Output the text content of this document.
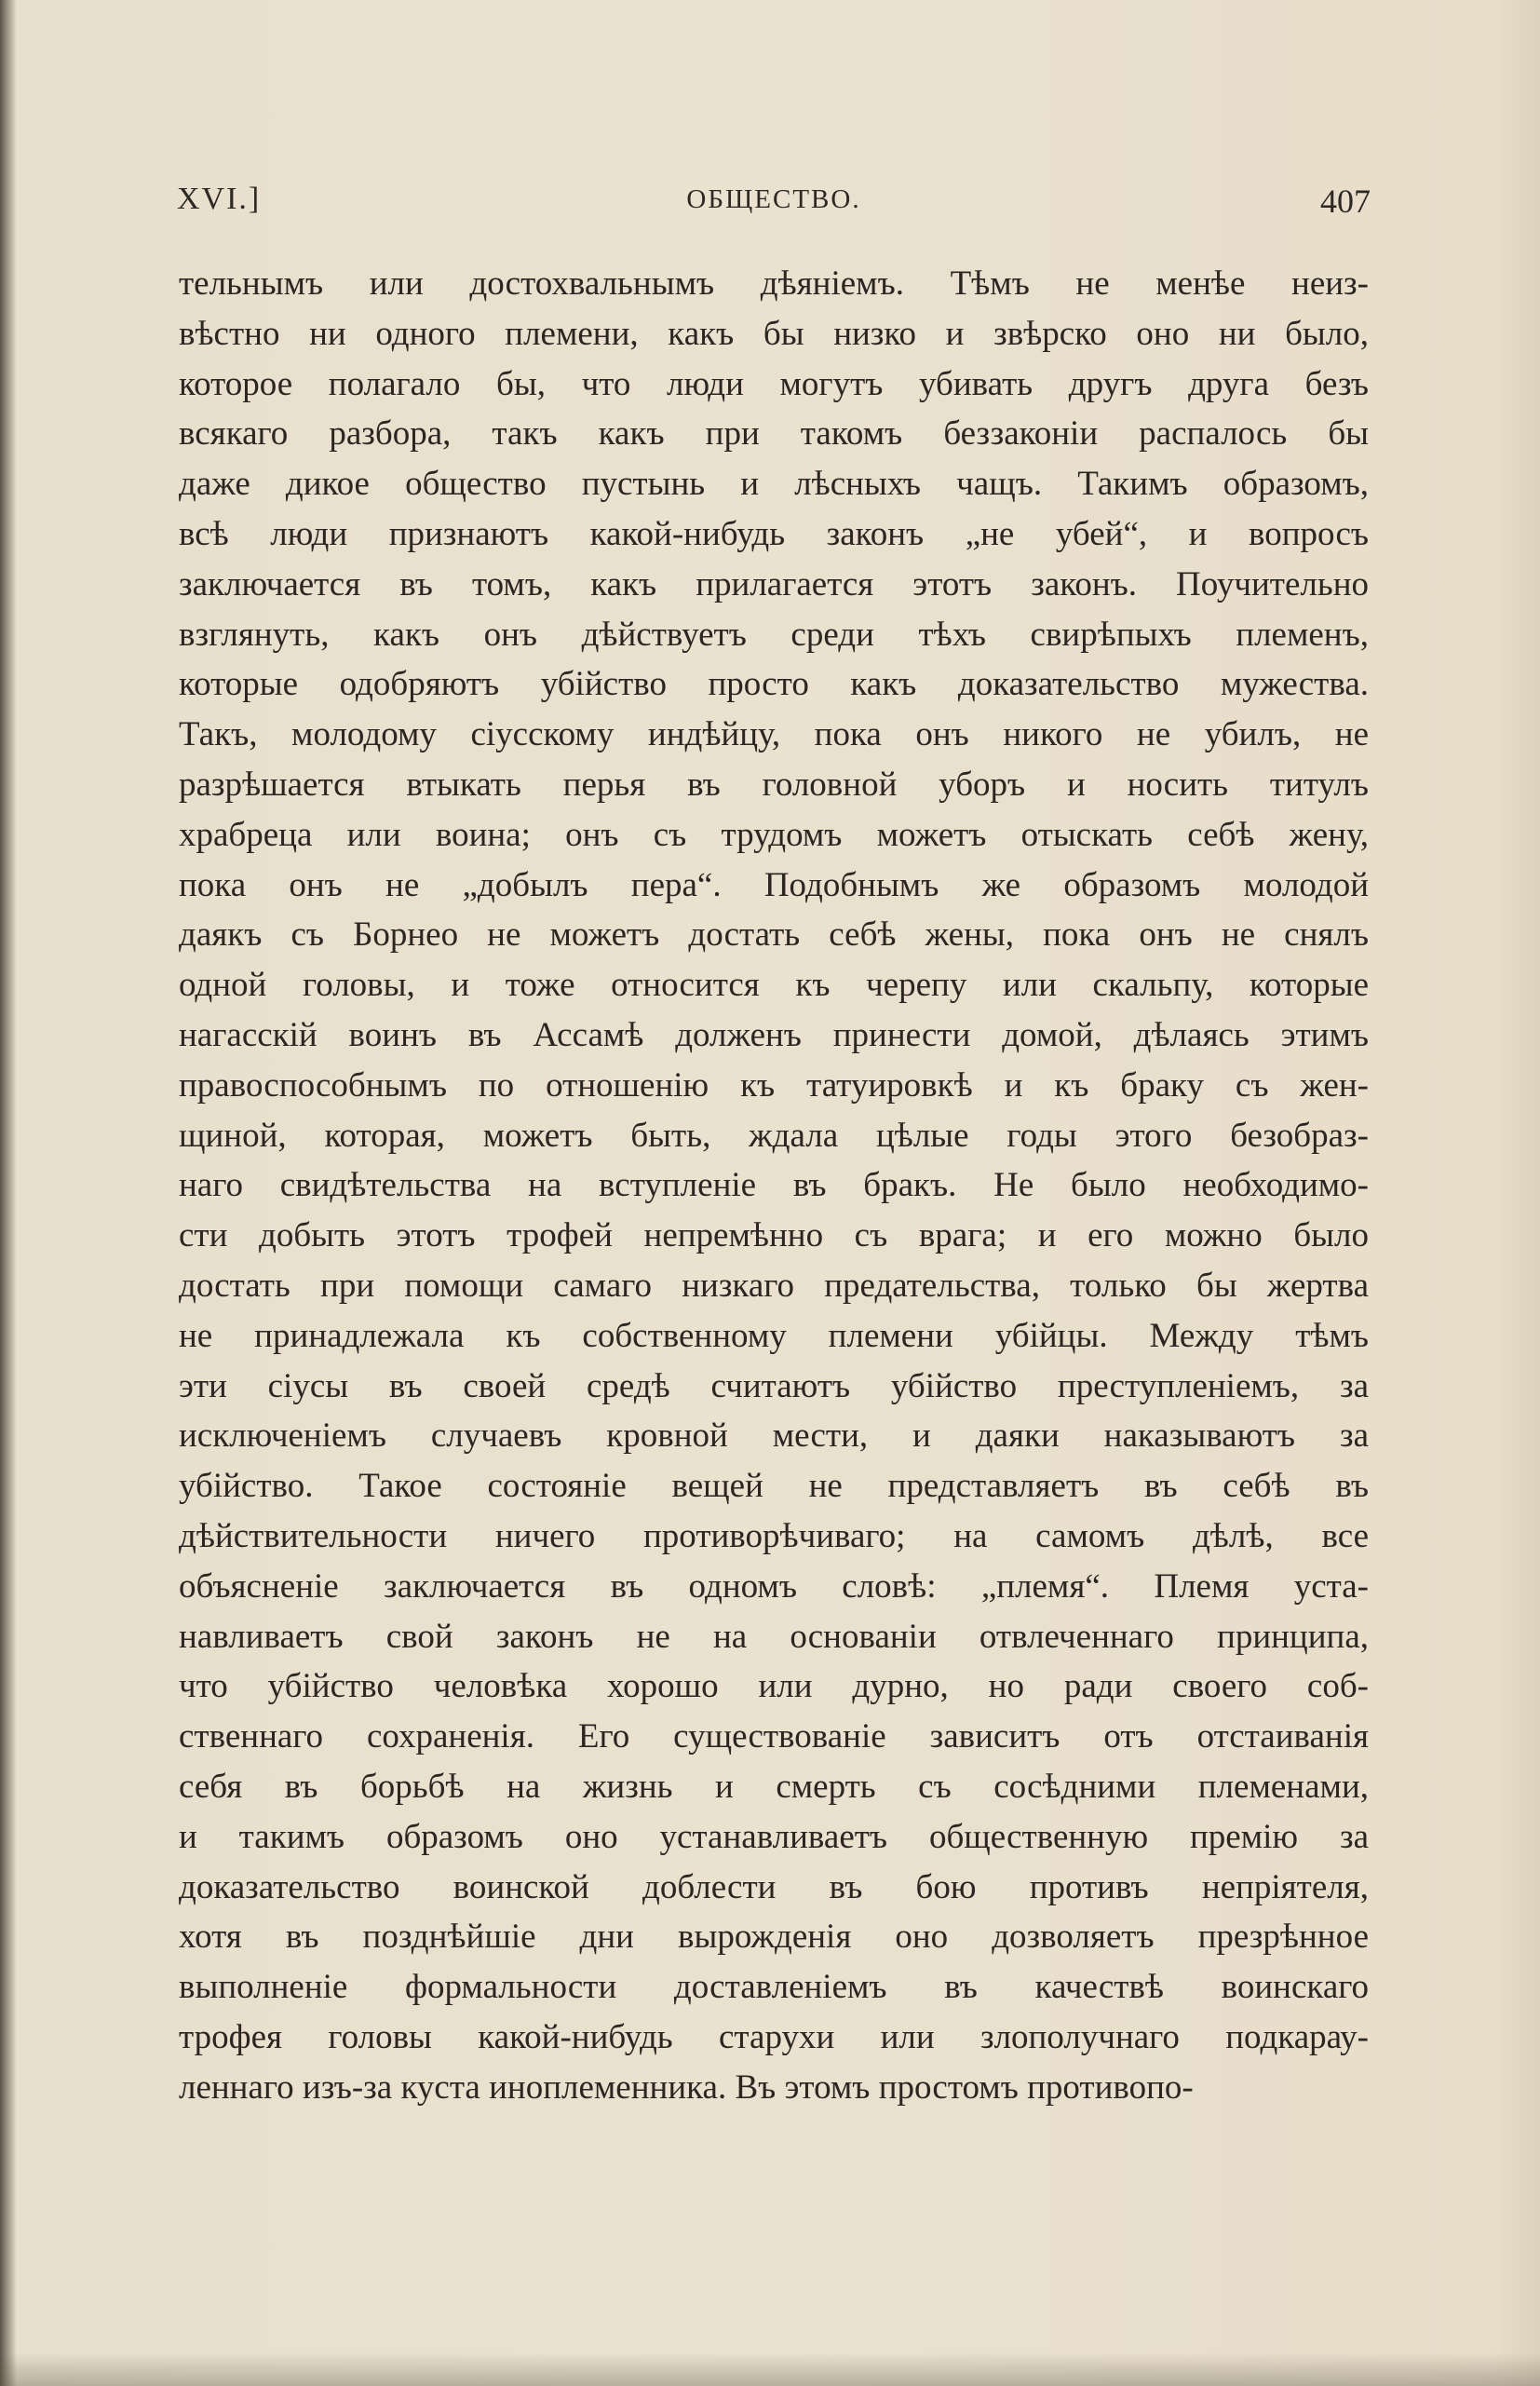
XVI.]	ОБЩЕСТВО.	407
тельнымъ или достохвальнымъ дѣяніемъ. Тѣмъ не менѣе неиз-
вѣстно ни одного племени, какъ бы низко и звѣрско оно ни было,
которое полагало бы, что люди могутъ убивать другъ друга безъ
всякаго разбора, такъ какъ при такомъ беззаконіи распалось бы
даже дикое общество пустынь и лѣсныхъ чащъ. Такимъ образомъ,
всѣ люди признаютъ какой-нибудь законъ „не убей“, и вопросъ
заключается въ томъ, какъ прилагается этотъ законъ. Поучительно
взглянуть, какъ онъ дѣйствуетъ среди тѣхъ свирѣпыхъ племенъ,
которые одобряютъ убійство просто какъ доказательство мужества.
Такъ, молодому сіусскому индѣйцу, пока онъ никого не убилъ, не
разрѣшается втыкать перья въ головной уборъ и носить титулъ
храбреца или воина; онъ съ трудомъ можетъ отыскать себѣ жену,
пока онъ не „добылъ пера“. Подобнымъ же образомъ молодой
даякъ съ Борнео не можетъ достать себѣ жены, пока онъ не снялъ
одной головы, и тоже относится къ черепу или скальпу, которые
нагасскій воинъ въ Ассамѣ долженъ принести домой, дѣлаясь этимъ
правоспособнымъ по отношенію къ татуировкѣ и къ браку съ жен-
щиной, которая, можетъ быть, ждала цѣлые годы этого безобраз-
наго свидѣтельства на вступленіе въ бракъ. Не было необходимо-
сти добыть этотъ трофей непремѣнно съ врага; и его можно было
достать при помощи самаго низкаго предательства, только бы жертва
не принадлежала къ собственному племени убійцы. Между тѣмъ
эти сіусы въ своей средѣ считаютъ убійство преступленіемъ, за
исключеніемъ случаевъ кровной мести, и даяки наказываютъ за
убійство. Такое состояніе вещей не представляетъ въ себѣ въ
дѣйствительности ничего противорѣчиваго; на самомъ дѣлѣ, все
объясненіе заключается въ одномъ словѣ: „племя“. Племя уста-
навливаетъ свой законъ не на основаніи отвлеченнаго принципа,
что убійство человѣка хорошо или дурно, но ради своего соб-
ственнаго сохраненія. Его существованіе зависитъ отъ отстаиванія
себя въ борьбѣ на жизнь и смерть съ сосѣдними племенами,
и такимъ образомъ оно устанавливаетъ общественную премію за
доказательство воинской доблести въ бою противъ непріятеля,
хотя въ позднѣйшіе дни вырожденія оно дозволяетъ презрѣнное
выполненіе формальности доставленіемъ въ качествѣ воинскаго
трофея головы какой-нибудь старухи или злополучнаго подкарау-
леннаго изъ-за куста иноплеменника. Въ этомъ простомъ противопо-
